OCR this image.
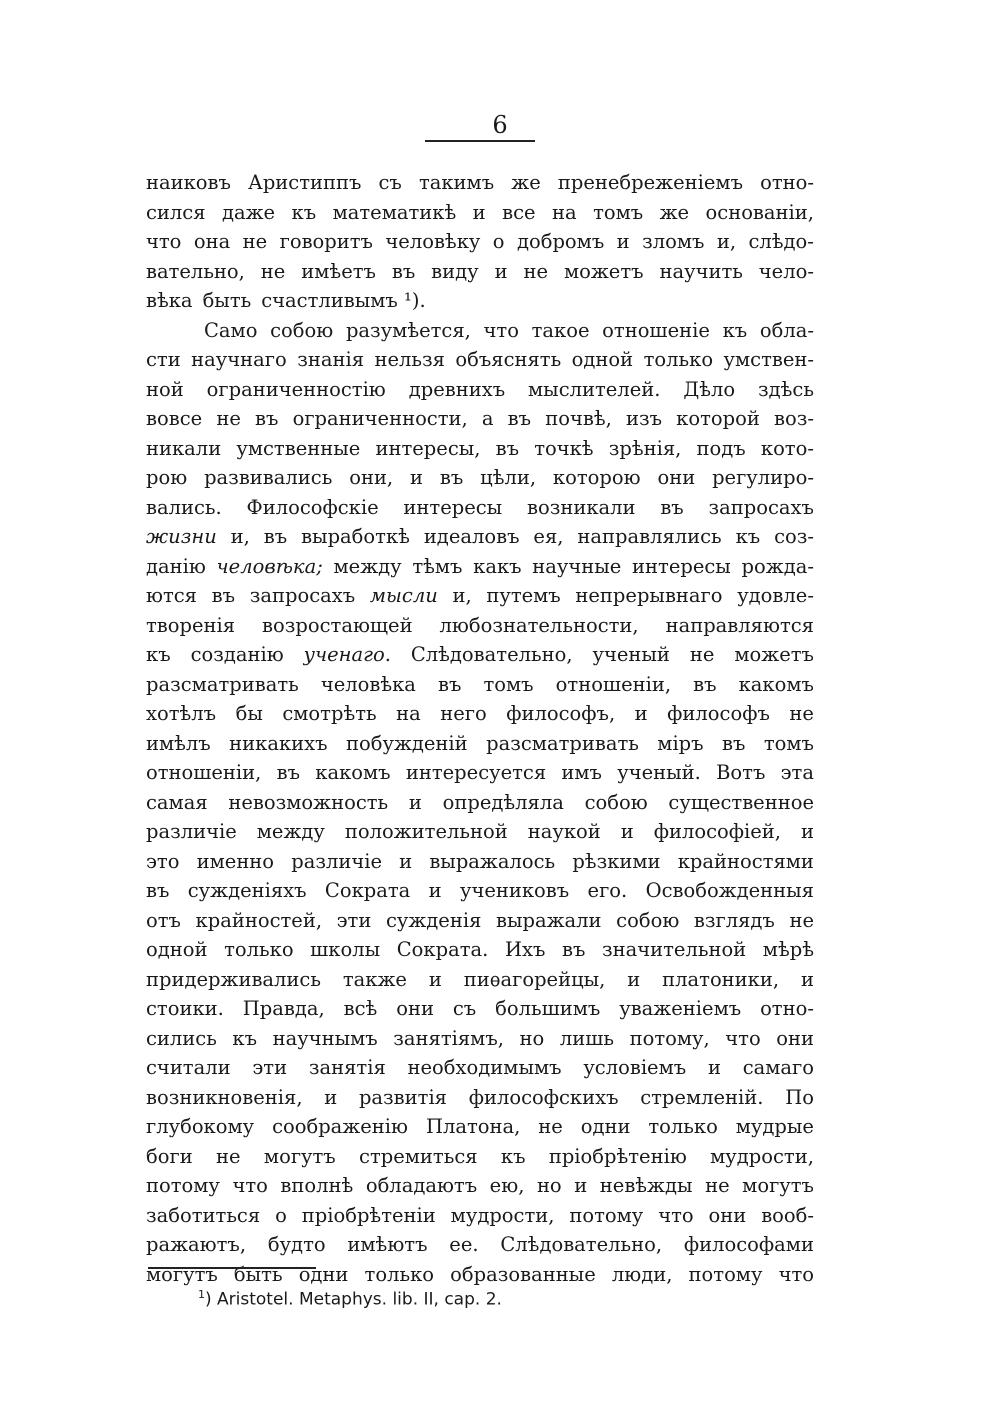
6
наиковъ Аристиппъ съ такимъ же пренебреженіемъ отно-
сился даже къ математикѣ и все на томъ же основаніи,
что она не говоритъ человѣку о добромъ и зломъ и, слѣдо-
вательно, не имѣетъ въ виду и не можетъ научить чело-
вѣка быть счастливымъ ¹).
Само собою разумѣется, что такое отношеніе къ обла-
сти научнаго знанія нельзя объяснять одной только умствен-
ной ограниченностію древнихъ мыслителей. Дѣло здѣсь
вовсе не въ ограниченности, а въ почвѣ, изъ которой воз-
никали умственные интересы, въ точкѣ зрѣнія, подъ кото-
рою развивались они, и въ цѣли, которою они регулиро-
вались. Философскіе интересы возникали въ запросахъ
жизни и, въ выработкѣ идеаловъ ея, направлялись къ соз-
данію человѣка; между тѣмъ какъ научные интересы рожда-
ются въ запросахъ мысли и, путемъ непрерывнаго удовле-
творенія возростающей любознательности, направляются
къ созданію ученаго. Слѣдовательно, ученый не можетъ
разсматривать человѣка въ томъ отношеніи, въ какомъ
хотѣлъ бы смотрѣть на него философъ, и философъ не
имѣлъ никакихъ побужденій разсматривать міръ въ томъ
отношеніи, въ какомъ интересуется имъ ученый. Вотъ эта
самая невозможность и опредѣляла собою существенное
различіе между положительной наукой и философіей, и
это именно различіе и выражалось рѣзкими крайностями
въ сужденіяхъ Сократа и учениковъ его. Освобожденныя
отъ крайностей, эти сужденія выражали собою взглядъ не
одной только школы Сократа. Ихъ въ значительной мѣрѣ
придерживались также и пиѳагорейцы, и платоники, и
стоики. Правда, всѣ они съ большимъ уваженіемъ отно-
сились къ научнымъ занятіямъ, но лишь потому, что они
считали эти занятія необходимымъ условіемъ и самаго
возникновенія, и развитія философскихъ стремленій. По
глубокому соображенію Платона, не одни только мудрые
боги не могутъ стремиться къ пріобрѣтенію мудрости,
потому что вполнѣ обладаютъ ею, но и невѣжды не могутъ
заботиться о пріобрѣтеніи мудрости, потому что они вооб-
ражаютъ, будто имѣютъ ее. Слѣдовательно, философами
могутъ быть одни только образованные люди, потому что
$^1$) Aristotel. Metaphys. lib. II, cap. 2.
